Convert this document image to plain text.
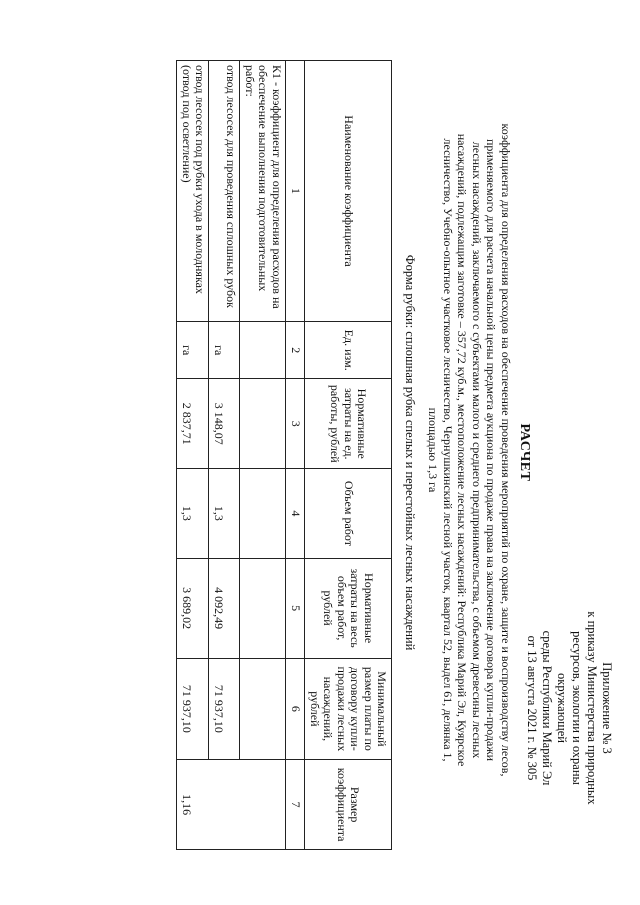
Приложение № 3
к приказу Министерства природных
ресурсов, экологии и охраны окружающей
среды Республики Марий Эл
от 13 августа 2021 г. № 305
РАСЧЕТ
коэффициента для определения расходов на обеспечение проведения мероприятий по охране, защите и воспроизводству лесов, применяемого для расчета начальной цены предмета аукциона по продаже права на заключение договора купли-продажи лесных насаждений, заключаемого с субъектами малого и среднего предпринимательства, с объемом древесины лесных насаждений, подлежащим заготовке – 357,72 куб.м., местоположение лесных насаждений: Республика Марий Эл, Куярское лесничество, Учебно-опытное участковое лесничество, Чернушкинский лесной участок, квартал 52, выдел 61, делянка 1, площадью 1,3 га
Форма рубки: сплошная рубка спелых и перестойных лесных насаждений
Наименование коэффициента	Ед. изм.	Нормативные затраты на ед. работы, рублей	Объем работ	Нормативные затраты на весь объем работ, рублей	Минимальный размер платы по договору купли-продажи лесных насаждений, рублей	Размер коэффициента
1	2	3	4	5	6	7
К1 - коэффициент для определения расходов на обеспечение выполнения подготовительных работ:						1,16
отвод лесосек для проведения сплошных рубок	га	3 148,07	1,3	4 092,49	71 937,10	
отвод лесосек под рубки ухода в молодняках (отвод под осветление)	га	2 837,71	1,3	3 689,02	71 937,10	
